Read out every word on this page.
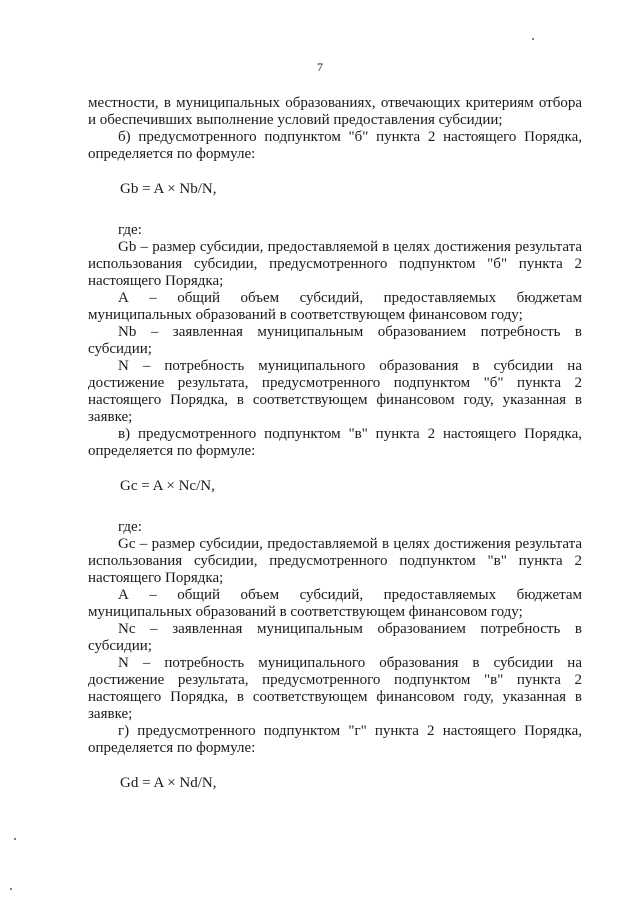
7

местности, в муниципальных образованиях, отвечающих критериям отбора и обеспечивших выполнение условий предоставления субсидии;

б) предусмотренного подпунктом "б" пункта 2 настоящего Порядка, определяется по формуле:

Gb = A × Nb/N,

где:

Gb – размер субсидии, предоставляемой в целях достижения результата использования субсидии, предусмотренного подпунктом "б" пункта 2 настоящего Порядка;

А – общий объем субсидий, предоставляемых бюджетам муниципальных образований в соответствующем финансовом году;

Nb – заявленная муниципальным образованием потребность в субсидии;

N – потребность муниципального образования в субсидии на достижение результата, предусмотренного подпунктом "б" пункта 2 настоящего Порядка, в соответствующем финансовом году, указанная в заявке;

в) предусмотренного подпунктом "в" пункта 2 настоящего Порядка, определяется по формуле:

Gc = A × Nc/N,

где:

Gc – размер субсидии, предоставляемой в целях достижения результата использования субсидии, предусмотренного подпунктом "в" пункта 2 настоящего Порядка;

А – общий объем субсидий, предоставляемых бюджетам муниципальных образований в соответствующем финансовом году;

Nc – заявленная муниципальным образованием потребность в субсидии;

N – потребность муниципального образования в субсидии на достижение результата, предусмотренного подпунктом "в" пункта 2 настоящего Порядка, в соответствующем финансовом году, указанная в заявке;

г) предусмотренного подпунктом "г" пункта 2 настоящего Порядка, определяется по формуле:

Gd = A × Nd/N,
